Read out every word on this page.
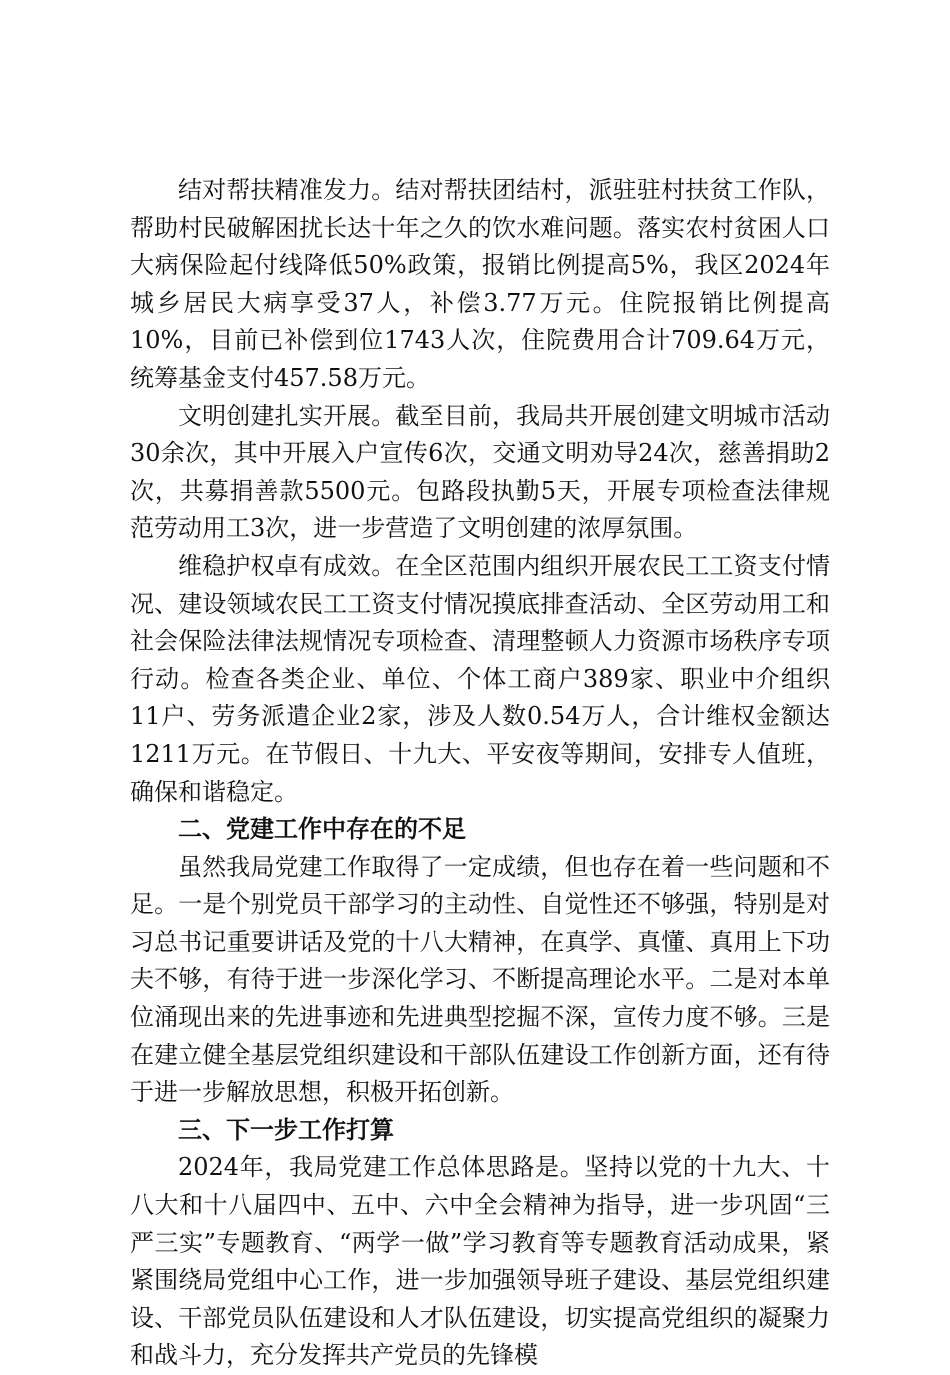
结对帮扶精准发力。结对帮扶团结村，派驻驻村扶贫工作队，帮助村民破解困扰长达十年之久的饮水难问题。落实农村贫困人口大病保险起付线降低50%政策，报销比例提高5%，我区2024年城乡居民大病享受37人，补偿3.77万元。住院报销比例提高10%，目前已补偿到位1743人次，住院费用合计709.64万元，统筹基金支付457.58万元。

文明创建扎实开展。截至目前，我局共开展创建文明城市活动30余次，其中开展入户宣传6次，交通文明劝导24次，慈善捐助2次，共募捐善款5500元。包路段执勤5天，开展专项检查法律规范劳动用工3次，进一步营造了文明创建的浓厚氛围。

维稳护权卓有成效。在全区范围内组织开展农民工工资支付情况、建设领域农民工工资支付情况摸底排查活动、全区劳动用工和社会保险法律法规情况专项检查、清理整顿人力资源市场秩序专项行动。检查各类企业、单位、个体工商户389家、职业中介组织11户、劳务派遣企业2家，涉及人数0.54万人，合计维权金额达1211万元。在节假日、十九大、平安夜等期间，安排专人值班，确保和谐稳定。

二、党建工作中存在的不足

虽然我局党建工作取得了一定成绩，但也存在着一些问题和不足。一是个别党员干部学习的主动性、自觉性还不够强，特别是对习总书记重要讲话及党的十八大精神，在真学、真懂、真用上下功夫不够，有待于进一步深化学习、不断提高理论水平。二是对本单位涌现出来的先进事迹和先进典型挖掘不深，宣传力度不够。三是在建立健全基层党组织建设和干部队伍建设工作创新方面，还有待于进一步解放思想，积极开拓创新。

三、下一步工作打算

2024年，我局党建工作总体思路是。坚持以党的十九大、十八大和十八届四中、五中、六中全会精神为指导，进一步巩固“三严三实”专题教育、“两学一做”学习教育等专题教育活动成果，紧紧围绕局党组中心工作，进一步加强领导班子建设、基层党组织建设、干部党员队伍建设和人才队伍建设，切实提高党组织的凝聚力和战斗力，充分发挥共产党员的先锋模
